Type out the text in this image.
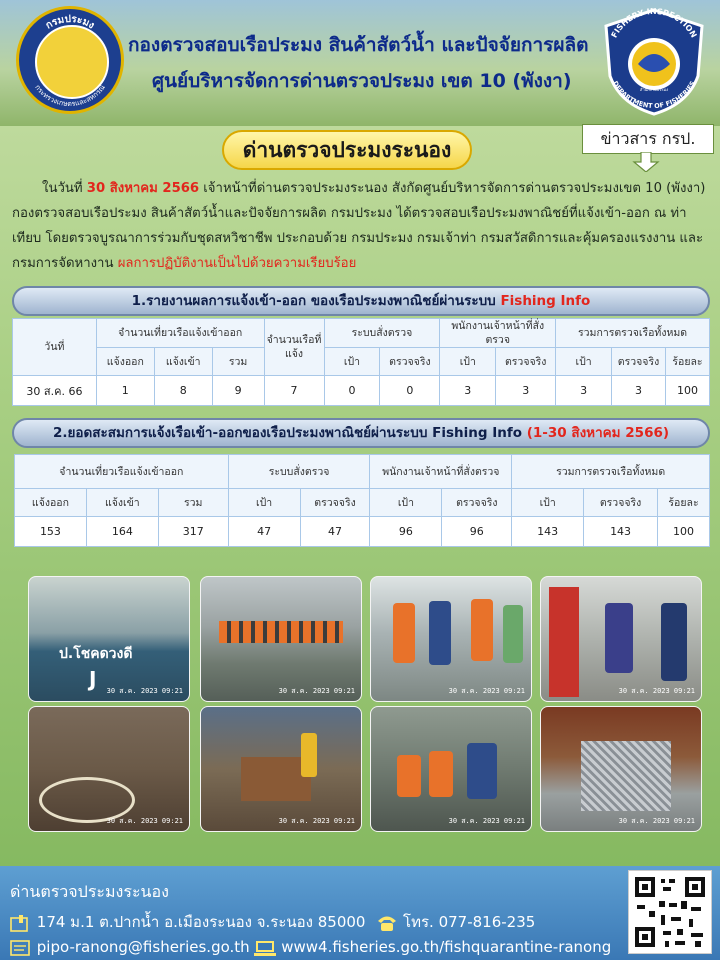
กรมประมง
กระทรวงเกษตรและสหกรณ์
กองตรวจสอบเรือประมง สินค้าสัตว์น้ำ และปัจจัยการผลิต
ศูนย์บริหารจัดการด่านตรวจประมง เขต 10 (พังงา)
FISHERY INSPECTION
DEPARTMENT OF FISHERIES
สำนักงานประมง
ด่านตรวจประมงระนอง	ข่าวสาร กรป.
ในวันที่ 30 สิงหาคม 2566 เจ้าหน้าที่ด่านตรวจประมงระนอง สังกัดศูนย์บริหารจัดการด่านตรวจประมงเขต 10 (พังงา) กองตรวจสอบเรือประมง สินค้าสัตว์น้ำและปัจจัยการผลิต กรมประมง ได้ตรวจสอบเรือประมงพาณิชย์ที่แจ้งเข้า-ออก ณ ท่าเทียบ โดยตรวจบูรณาการร่วมกับชุดสหวิชาชีพ ประกอบด้วย กรมประมง กรมเจ้าท่า กรมสวัสดิการและคุ้มครองแรงงาน และกรมการจัดหางาน ผลการปฏิบัติงานเป็นไปด้วยความเรียบร้อย
1.รายงานผลการแจ้งเข้า-ออก ของเรือประมงพาณิชย์ผ่านระบบ Fishing Info
วันที่	จำนวนเที่ยวเรือแจ้งเข้าออก			จำนวนเรือที่แจ้ง	ระบบสั่งตรวจ		พนักงานเจ้าหน้าที่สั่งตรวจ		รวมการตรวจเรือทั้งหมด		
	แจ้งออก	แจ้งเข้า	รวม		เป้า	ตรวจจริง	เป้า	ตรวจจริง	เป้า	ตรวจจริง	ร้อยละ
30 ส.ค. 66	1	8	9	7	0	0	3	3	3	3	100
2.ยอดสะสมการแจ้งเรือเข้า-ออกของเรือประมงพาณิชย์ผ่านระบบ Fishing Info (1-30 สิงหาคม 2566)
จำนวนเที่ยวเรือแจ้งเข้าออก			ระบบสั่งตรวจ		พนักงานเจ้าหน้าที่สั่งตรวจ		รวมการตรวจเรือทั้งหมด		
แจ้งออก	แจ้งเข้า	รวม	เป้า	ตรวจจริง	เป้า	ตรวจจริง	เป้า	ตรวจจริง	ร้อยละ
153	164	317	47	47	96	96	143	143	100
ป.โชคดวงดี
J 30 ส.ค. 2023 09:21	30 ส.ค. 2023 09:21	30 ส.ค. 2023 09:21	30 ส.ค. 2023 09:21
30 ส.ค. 2023 09:21	30 ส.ค. 2023 09:21	30 ส.ค. 2023 09:21	30 ส.ค. 2023 09:21
ด่านตรวจประมงระนอง
174 ม.1 ต.ปากน้ำ อ.เมืองระนอง จ.ระนอง 85000	โทร. 077-816-235
pipo-ranong@fisheries.go.th www4.fisheries.go.th/fishquarantine-ranong
